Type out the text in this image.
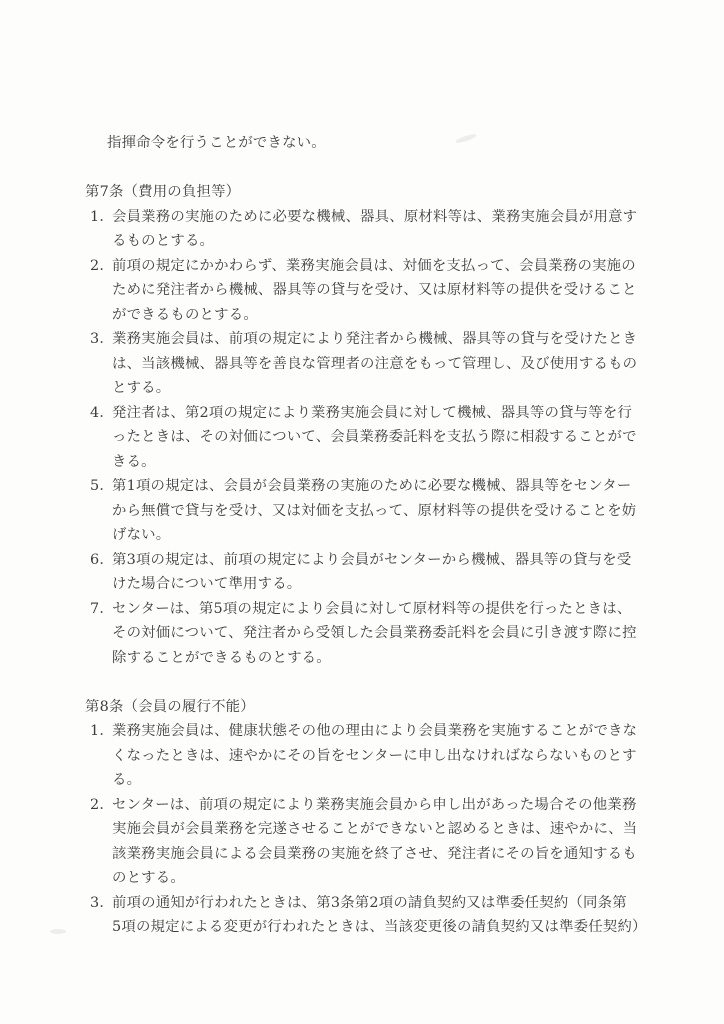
指揮命令を行うことができない。
第7条（費用の負担等）
1．
会員業務の実施のために必要な機械、器具、原材料等は、業務実施会員が用意す
るものとする。
2．
前項の規定にかかわらず、業務実施会員は、対価を支払って、会員業務の実施の
ために発注者から機械、器具等の貸与を受け、又は原材料等の提供を受けること
ができるものとする。
3．
業務実施会員は、前項の規定により発注者から機械、器具等の貸与を受けたとき
は、当該機械、器具等を善良な管理者の注意をもって管理し、及び使用するもの
とする。
4．
発注者は、第2項の規定により業務実施会員に対して機械、器具等の貸与等を行
ったときは、その対価について、会員業務委託料を支払う際に相殺することがで
きる。
5．
第1項の規定は、会員が会員業務の実施のために必要な機械、器具等をセンター
から無償で貸与を受け、又は対価を支払って、原材料等の提供を受けることを妨
げない。
6．
第3項の規定は、前項の規定により会員がセンターから機械、器具等の貸与を受
けた場合について準用する。
7．
センターは、第5項の規定により会員に対して原材料等の提供を行ったときは、
その対価について、発注者から受領した会員業務委託料を会員に引き渡す際に控
除することができるものとする。
第8条（会員の履行不能）
1．
業務実施会員は、健康状態その他の理由により会員業務を実施することができな
くなったときは、速やかにその旨をセンターに申し出なければならないものとす
る。
2．
センターは、前項の規定により業務実施会員から申し出があった場合その他業務
実施会員が会員業務を完遂させることができないと認めるときは、速やかに、当
該業務実施会員による会員業務の実施を終了させ、発注者にその旨を通知するも
のとする。
3．
前項の通知が行われたときは、第3条第2項の請負契約又は準委任契約（同条第
5項の規定による変更が行われたときは、当該変更後の請負契約又は準委任契約）
